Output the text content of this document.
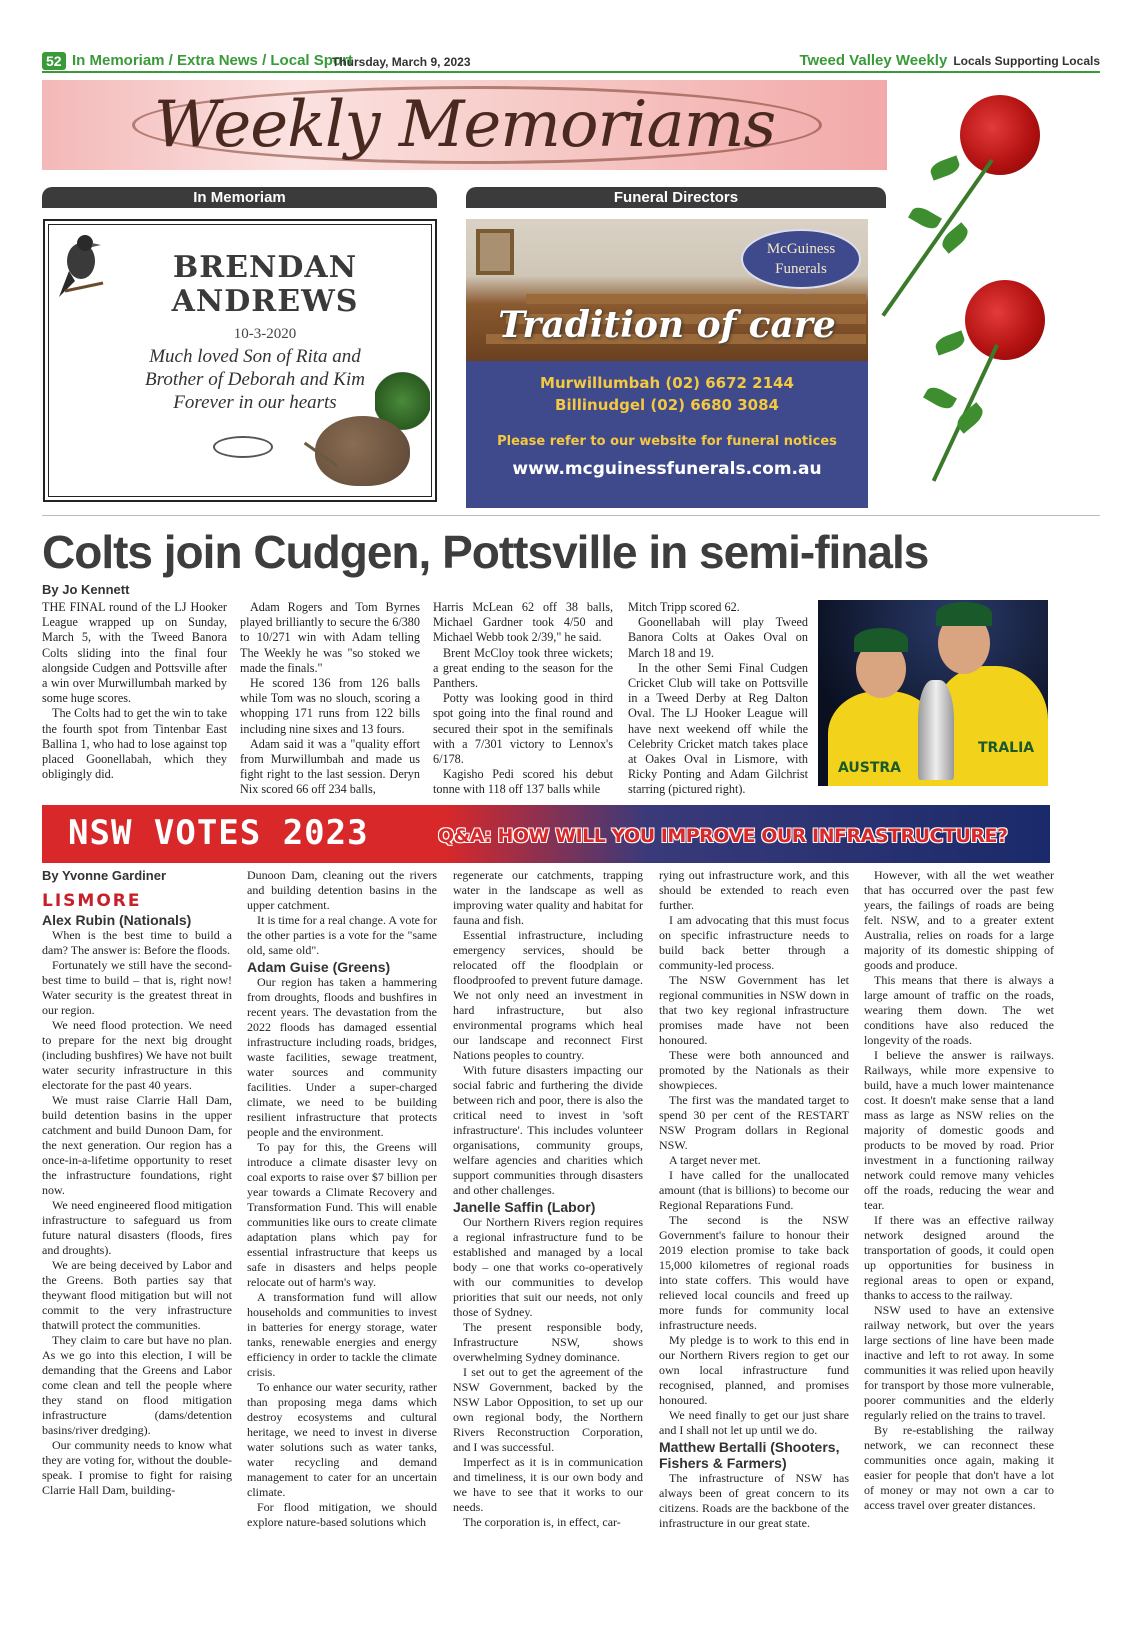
52 In Memoriam / Extra News / Local Sport
Thursday, March 9, 2023	Tweed Valley Weekly Locals Supporting Locals
Weekly Memoriams
In Memoriam	Funeral Directors
BRENDAN
ANDREWS
10-3-2020
Much loved Son of Rita and
Brother of Deborah and Kim
Forever in our hearts
McGuiness
Funerals
Tradition of care
Murwillumbah (02) 6672 2144
Billinudgel (02) 6680 3084
Please refer to our website for funeral notices
www.mcguinessfunerals.com.au
Colts join Cudgen, Pottsville in semi-finals
By Jo Kennett

THE FINAL round of the LJ Hooker League wrapped up on Sunday, March 5, with the Tweed Banora Colts sliding into the final four alongside Cudgen and Pottsville after a win over Murwillumbah marked by some huge scores.

The Colts had to get the win to take the fourth spot from Tintenbar East Ballina 1, who had to lose against top placed Goonellabah, which they obligingly did.

Adam Rogers and Tom Byrnes played brilliantly to secure the 6/380 to 10/271 win with Adam telling The Weekly he was "so stoked we made the finals."

He scored 136 from 126 balls while Tom was no slouch, scoring a whopping 171 runs from 122 bills including nine sixes and 13 fours.

Adam said it was a "quality effort from Murwillumbah and made us fight right to the last session. Deryn Nix scored 66 off 234 balls,

Harris McLean 62 off 38 balls, Michael Gardner took 4/50 and Michael Webb took 2/39," he said.

Brent McCloy took three wickets; a great ending to the season for the Panthers.

Potty was looking good in third spot going into the final round and secured their spot in the semifinals with a 7/301 victory to Lennox's 6/178.

Kagisho Pedi scored his debut tonne with 118 off 137 balls while

Mitch Tripp scored 62.

Goonellabah will play Tweed Banora Colts at Oakes Oval on March 18 and 19.

In the other Semi Final Cudgen Cricket Club will take on Pottsville in a Tweed Derby at Reg Dalton Oval. The LJ Hooker League will have next weekend off while the Celebrity Cricket match takes place at Oakes Oval in Lismore, with Ricky Ponting and Adam Gilchrist starring (pictured right).

AUSTRA
TRALIA
NSW VOTES 2023	Q&A: HOW WILL YOU IMPROVE OUR INFRASTRUCTURE?
By Yvonne Gardiner
LISMORE
Alex Rubin (Nationals)

When is the best time to build a dam? The answer is: Before the floods.

Fortunately we still have the second-best time to build – that is, right now! Water security is the greatest threat in our region.

We need flood protection. We need to prepare for the next big drought (including bushfires) We have not built water security infrastructure in this electorate for the past 40 years.

We must raise Clarrie Hall Dam, build detention basins in the upper catchment and build Dunoon Dam, for the next generation. Our region has a once-in-a-lifetime opportunity to reset the infrastructure foundations, right now.

We need engineered flood mitigation infrastructure to safeguard us from future natural disasters (floods, fires and droughts).

We are being deceived by Labor and the Greens. Both parties say that theywant flood mitigation but will not commit to the very infrastructure thatwill protect the communities.

They claim to care but have no plan. As we go into this election, I will be demanding that the Greens and Labor come clean and tell the people where they stand on flood mitigation infrastructure (dams/detention basins/river dredging).

Our community needs to know what they are voting for, without the double-speak. I promise to fight for raising Clarrie Hall Dam, building-

Dunoon Dam, cleaning out the rivers and building detention basins in the upper catchment.

It is time for a real change. A vote for the other parties is a vote for the "same old, same old".

Adam Guise (Greens)

Our region has taken a hammering from droughts, floods and bushfires in recent years. The devastation from the 2022 floods has damaged essential infrastructure including roads, bridges, waste facilities, sewage treatment, water sources and community facilities. Under a super-charged climate, we need to be building resilient infrastructure that protects people and the environment.

To pay for this, the Greens will introduce a climate disaster levy on coal exports to raise over $7 billion per year towards a Climate Recovery and Transformation Fund. This will enable communities like ours to create climate adaptation plans which pay for essential infrastructure that keeps us safe in disasters and helps people relocate out of harm's way.

A transformation fund will allow households and communities to invest in batteries for energy storage, water tanks, renewable energies and energy efficiency in order to tackle the climate crisis.

To enhance our water security, rather than proposing mega dams which destroy ecosystems and cultural heritage, we need to invest in diverse water solutions such as water tanks, water recycling and demand management to cater for an uncertain climate.

For flood mitigation, we should explore nature-based solutions which

regenerate our catchments, trapping water in the landscape as well as improving water quality and habitat for fauna and fish.

Essential infrastructure, including emergency services, should be relocated off the floodplain or floodproofed to prevent future damage. We not only need an investment in hard infrastructure, but also environmental programs which heal our landscape and reconnect First Nations peoples to country.

With future disasters impacting our social fabric and furthering the divide between rich and poor, there is also the critical need to invest in 'soft infrastructure'. This includes volunteer organisations, community groups, welfare agencies and charities which support communities through disasters and other challenges.

Janelle Saffin (Labor)

Our Northern Rivers region requires a regional infrastructure fund to be established and managed by a local body – one that works co-operatively with our communities to develop priorities that suit our needs, not only those of Sydney.

The present responsible body, Infrastructure NSW, shows overwhelming Sydney dominance.

I set out to get the agreement of the NSW Government, backed by the NSW Labor Opposition, to set up our own regional body, the Northern Rivers Reconstruction Corporation, and I was successful.

Imperfect as it is in communication and timeliness, it is our own body and we have to see that it works to our needs.

The corporation is, in effect, car-

rying out infrastructure work, and this should be extended to reach even further.

I am advocating that this must focus on specific infrastructure needs to build back better through a community-led process.

The NSW Government has let regional communities in NSW down in that two key regional infrastructure promises made have not been honoured.

These were both announced and promoted by the Nationals as their showpieces.

The first was the mandated target to spend 30 per cent of the RESTART NSW Program dollars in Regional NSW.

A target never met.

I have called for the unallocated amount (that is billions) to become our Regional Reparations Fund.

The second is the NSW Government's failure to honour their 2019 election promise to take back 15,000 kilometres of regional roads into state coffers. This would have relieved local councils and freed up more funds for community local infrastructure needs.

My pledge is to work to this end in our Northern Rivers region to get our own local infrastructure fund recognised, planned, and promises honoured.

We need finally to get our just share and I shall not let up until we do.

Matthew Bertalli (Shooters, Fishers & Farmers)

The infrastructure of NSW has always been of great concern to its citizens. Roads are the backbone of the infrastructure in our great state.

However, with all the wet weather that has occurred over the past few years, the failings of roads are being felt. NSW, and to a greater extent Australia, relies on roads for a large majority of its domestic shipping of goods and produce.

This means that there is always a large amount of traffic on the roads, wearing them down. The wet conditions have also reduced the longevity of the roads.

I believe the answer is railways. Railways, while more expensive to build, have a much lower maintenance cost. It doesn't make sense that a land mass as large as NSW relies on the majority of domestic goods and products to be moved by road. Prior investment in a functioning railway network could remove many vehicles off the roads, reducing the wear and tear.

If there was an effective railway network designed around the transportation of goods, it could open up opportunities for business in regional areas to open or expand, thanks to access to the railway.

NSW used to have an extensive railway network, but over the years large sections of line have been made inactive and left to rot away. In some communities it was relied upon heavily for transport by those more vulnerable, poorer communities and the elderly regularly relied on the trains to travel.

By re-establishing the railway network, we can reconnect these communities once again, making it easier for people that don't have a lot of money or may not own a car to access travel over greater distances.
